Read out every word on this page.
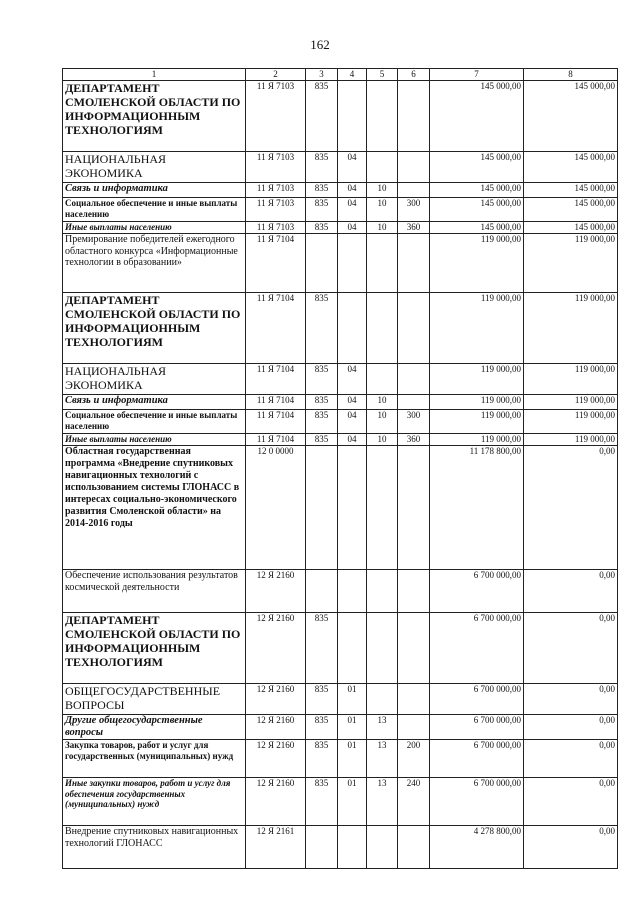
162
1	2	3	4	5	6	7	8
ДЕПАРТАМЕНТ СМОЛЕНСКОЙ ОБЛАСТИ ПО ИНФОРМАЦИОННЫМ ТЕХНОЛОГИЯМ	11 Я 7103	835				145 000,00	145 000,00
НАЦИОНАЛЬНАЯ ЭКОНОМИКА	11 Я 7103	835	04			145 000,00	145 000,00
Связь и информатика	11 Я 7103	835	04	10		145 000,00	145 000,00
Социальное обеспечение и иные выплаты населению	11 Я 7103	835	04	10	300	145 000,00	145 000,00
Иные выплаты населению	11 Я 7103	835	04	10	360	145 000,00	145 000,00
Премирование победителей ежегодного областного конкурса «Информационные технологии в образовании»	11 Я 7104					119 000,00	119 000,00
ДЕПАРТАМЕНТ СМОЛЕНСКОЙ ОБЛАСТИ ПО ИНФОРМАЦИОННЫМ ТЕХНОЛОГИЯМ	11 Я 7104	835				119 000,00	119 000,00
НАЦИОНАЛЬНАЯ ЭКОНОМИКА	11 Я 7104	835	04			119 000,00	119 000,00
Связь и информатика	11 Я 7104	835	04	10		119 000,00	119 000,00
Социальное обеспечение и иные выплаты населению	11 Я 7104	835	04	10	300	119 000,00	119 000,00
Иные выплаты населению	11 Я 7104	835	04	10	360	119 000,00	119 000,00
Областная государственная программа «Внедрение спутниковых навигационных технологий с использованием системы ГЛОНАСС в интересах социально-экономического развития Смоленской области» на 2014-2016 годы	12 0 0000					11 178 800,00	0,00
Обеспечение использования результатов космической деятельности	12 Я 2160					6 700 000,00	0,00
ДЕПАРТАМЕНТ СМОЛЕНСКОЙ ОБЛАСТИ ПО ИНФОРМАЦИОННЫМ ТЕХНОЛОГИЯМ	12 Я 2160	835				6 700 000,00	0,00
ОБЩЕГОСУДАРСТВЕННЫЕ ВОПРОСЫ	12 Я 2160	835	01			6 700 000,00	0,00
Другие общегосударственные вопросы	12 Я 2160	835	01	13		6 700 000,00	0,00
Закупка товаров, работ и услуг для государственных (муниципальных) нужд	12 Я 2160	835	01	13	200	6 700 000,00	0,00
Иные закупки товаров, работ и услуг для обеспечения государственных (муниципальных) нужд	12 Я 2160	835	01	13	240	6 700 000,00	0,00
Внедрение спутниковых навигационных технологий ГЛОНАСС	12 Я 2161					4 278 800,00	0,00
